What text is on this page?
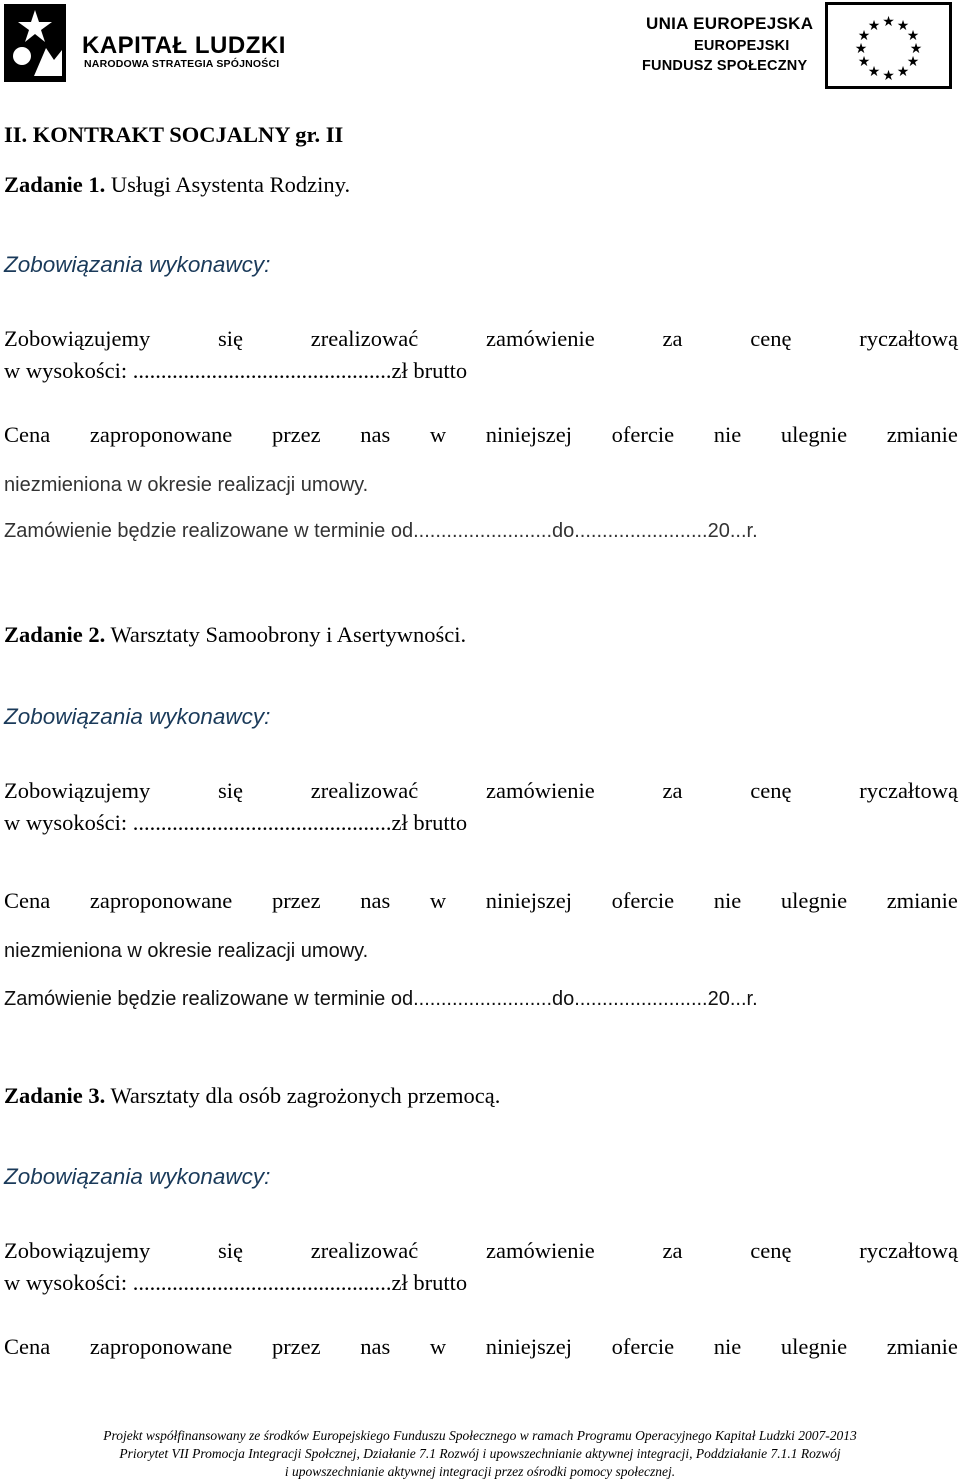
KAPITAŁ LUDZKI
NARODOWA STRATEGIA SPÓJNOŚCI
UNIA EUROPEJSKA
EUROPEJSKI
FUNDUSZ SPOŁECZNY
★ ★
★
★
★
★
★
★
★
★
★
★
II. KONTRAKT SOCJALNY gr. II
Zadanie 1. Usługi Asystenta Rodziny.
Zobowiązania wykonawcy:
Zobowiązujemy	się	zrealizować	zamówienie	za	cenę	ryczałtową
w wysokości: ..............................................zł brutto
Cena zaproponowane przez nas w niniejszej ofercie nie ulegnie zmianie
niezmieniona w okresie realizacji umowy.
Zamówienie będzie realizowane w terminie od.........................do........................20...r.
Zadanie 2. Warsztaty Samoobrony i Asertywności.
Zobowiązania wykonawcy:
Zobowiązujemy	się	zrealizować	zamówienie	za	cenę	ryczałtową
w wysokości: ..............................................zł brutto
Cena zaproponowane przez nas w niniejszej ofercie nie ulegnie zmianie
niezmieniona w okresie realizacji umowy.
Zamówienie będzie realizowane w terminie od.........................do........................20...r.
Zadanie 3. Warsztaty dla osób zagrożonych przemocą.
Zobowiązania wykonawcy:
Zobowiązujemy	się	zrealizować	zamówienie	za	cenę	ryczałtową
w wysokości: ..............................................zł brutto
Cena zaproponowane przez nas w niniejszej ofercie nie ulegnie zmianie
Projekt współfinansowany ze środków Europejskiego Funduszu Społecznego w ramach Programu Operacyjnego Kapitał Ludzki 2007-2013
Priorytet VII Promocja Integracji Społcznej, Działanie 7.1 Rozwój i upowszechnianie aktywnej integracji, Poddziałanie 7.1.1 Rozwój
i upowszechnianie aktywnej integracji przez ośrodki pomocy społecznej.
